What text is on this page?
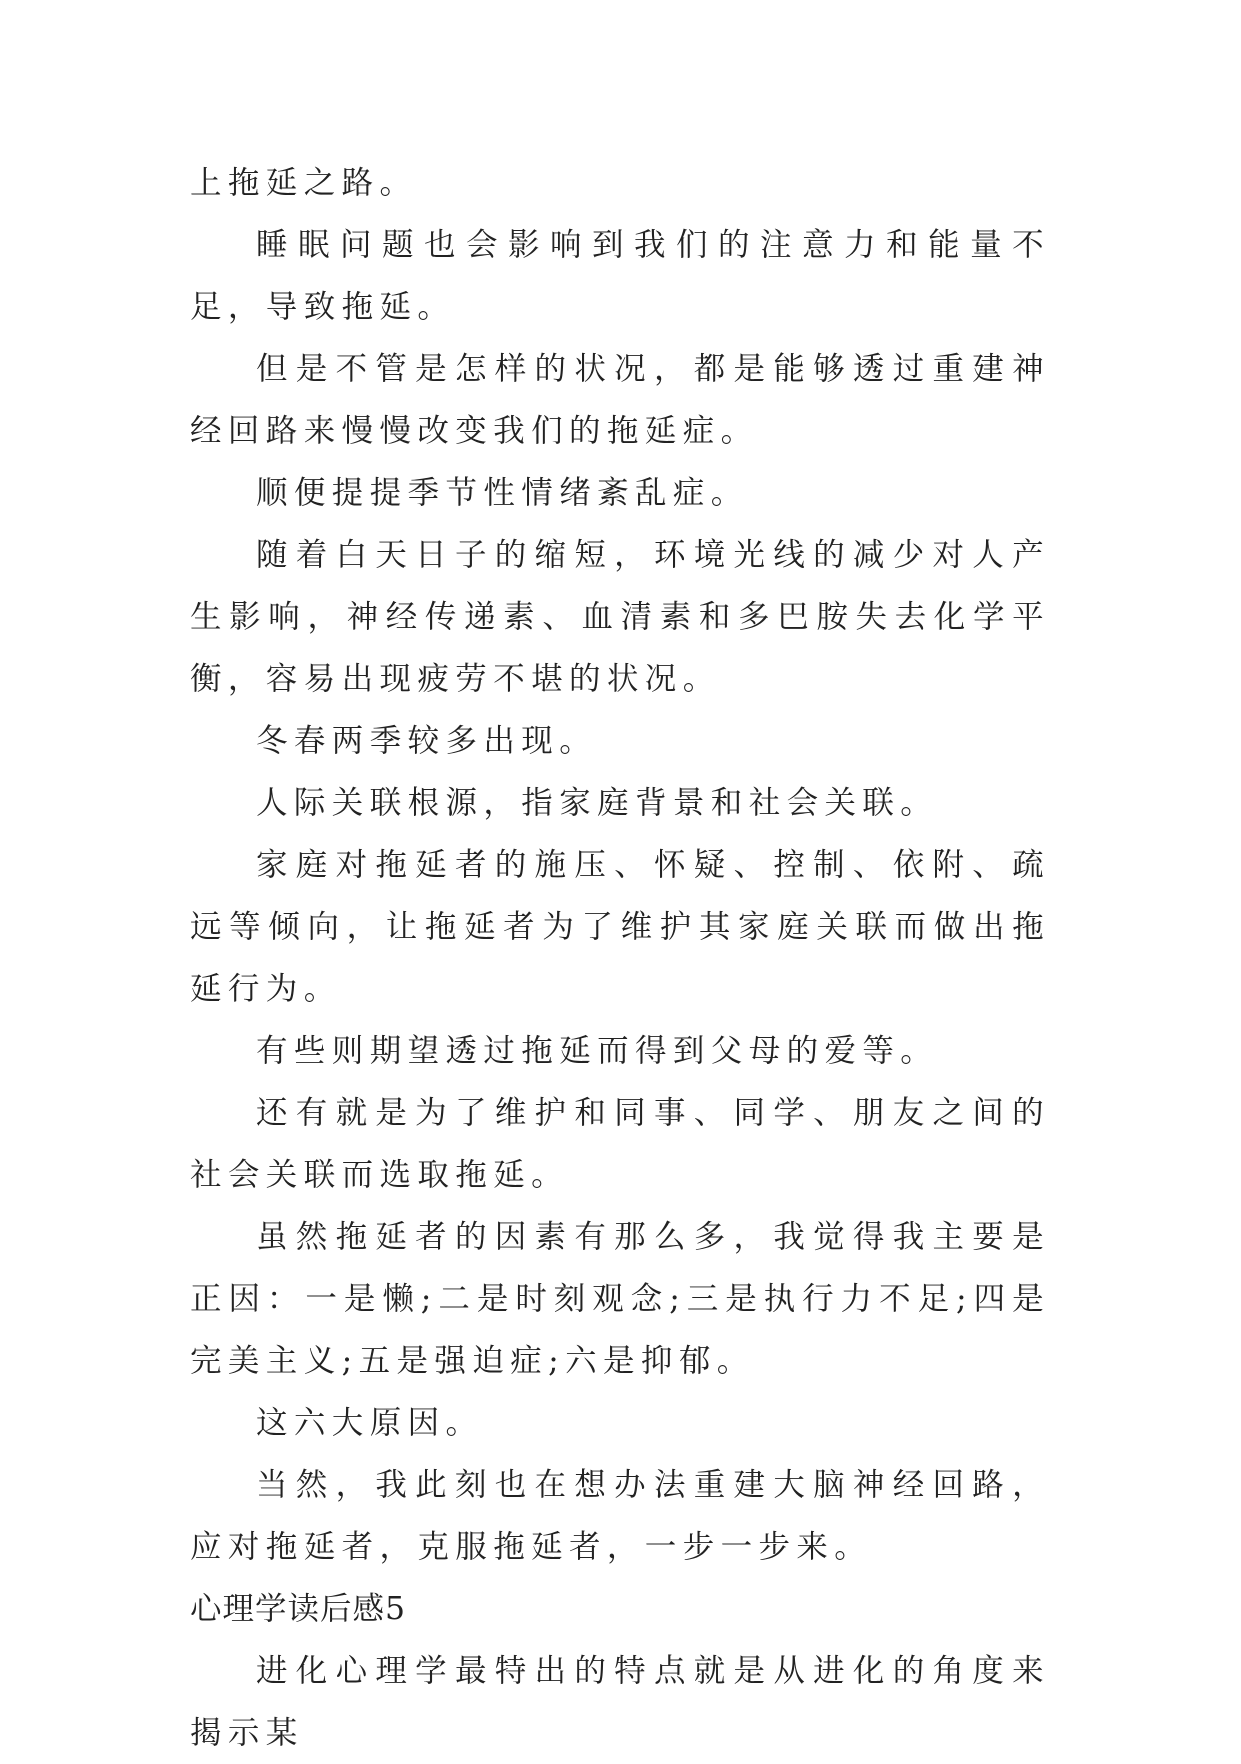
上拖延之路。

睡眠问题也会影响到我们的注意力和能量不足，导致拖延。

但是不管是怎样的状况，都是能够透过重建神经回路来慢慢改变我们的拖延症。

顺便提提季节性情绪紊乱症。

随着白天日子的缩短，环境光线的减少对人产生影响，神经传递素、血清素和多巴胺失去化学平衡，容易出现疲劳不堪的状况。

冬春两季较多出现。

人际关联根源，指家庭背景和社会关联。

家庭对拖延者的施压、怀疑、控制、依附、疏远等倾向，让拖延者为了维护其家庭关联而做出拖延行为。

有些则期望透过拖延而得到父母的爱等。

还有就是为了维护和同事、同学、朋友之间的社会关联而选取拖延。

虽然拖延者的因素有那么多，我觉得我主要是正因：一是懒;二是时刻观念;三是执行力不足;四是完美主义;五是强迫症;六是抑郁。

这六大原因。

当然，我此刻也在想办法重建大脑神经回路，应对拖延者，克服拖延者，一步一步来。

心理学读后感5

进化心理学最特出的特点就是从进化的角度来揭示某
